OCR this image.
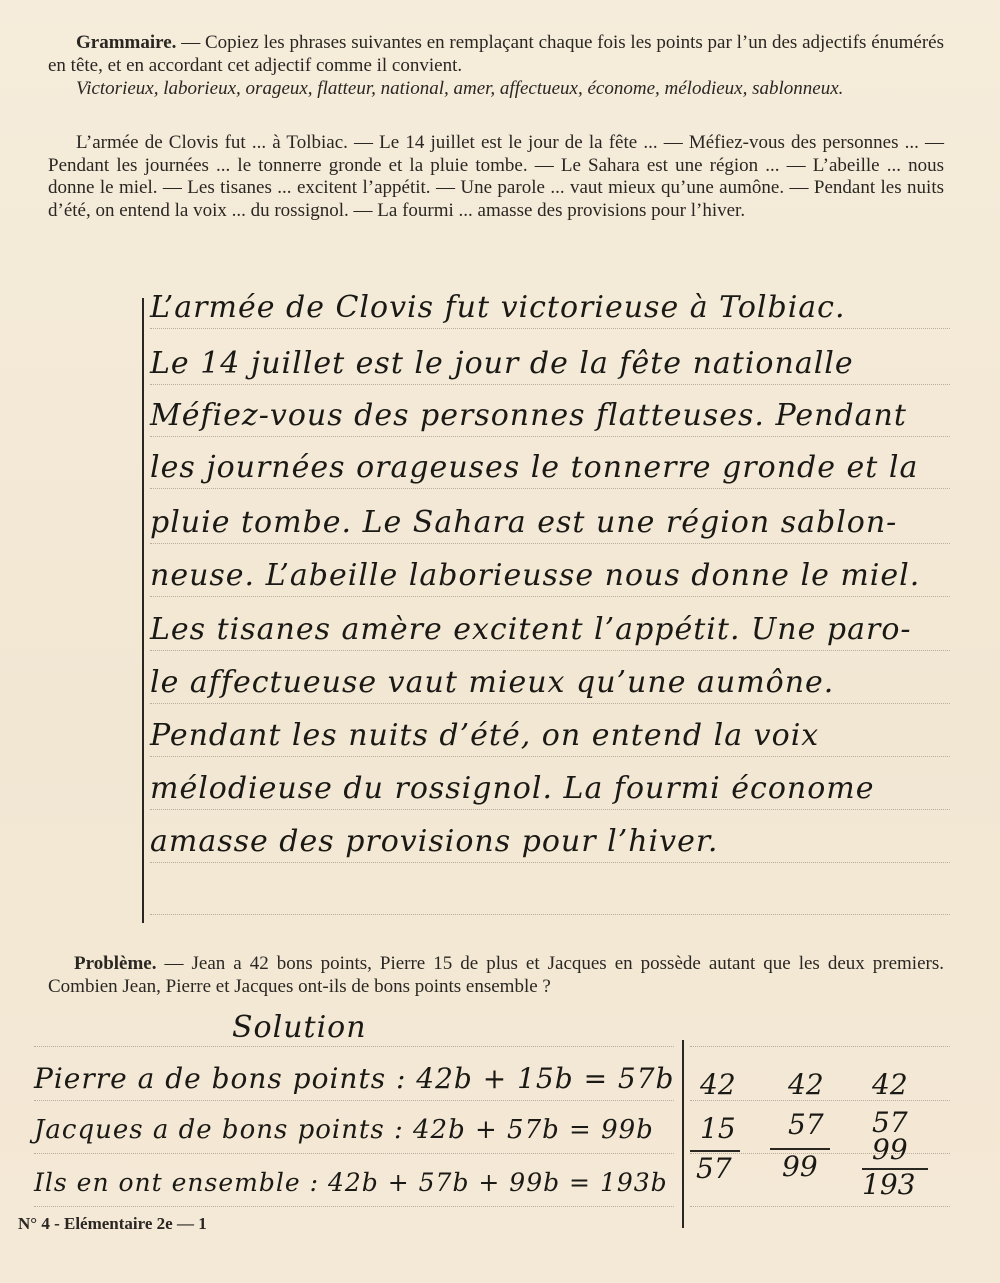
Grammaire. — Copiez les phrases suivantes en remplaçant chaque fois les points par l’un des adjectifs énumérés en tête, et en accordant cet adjectif comme il convient.
Victorieux, laborieux, orageux, flatteur, national, amer, affectueux, économe, mélodieux, sablonneux.
L’armée de Clovis fut ... à Tolbiac. — Le 14 juillet est le jour de la fête ... — Méfiez-vous des personnes ... — Pendant les journées ... le tonnerre gronde et la pluie tombe. — Le Sahara est une région ... — L’abeille ... nous donne le miel. — Les tisanes ... excitent l’appétit. — Une parole ... vaut mieux qu’une aumône. — Pendant les nuits d’été, on entend la voix ... du rossignol. — La fourmi ... amasse des provisions pour l’hiver.
L’armée de Clovis fut victorieuse à Tolbiac.
Le 14 juillet est le jour de la fête nationalle
Méfiez-vous des personnes flatteuses. Pendant
les journées orageuses le tonnerre gronde et la
pluie tombe. Le Sahara est une région sablon-
neuse. L’abeille laborieusse nous donne le miel.
Les tisanes amère excitent l’appétit. Une paro-
le affectueuse vaut mieux qu’une aumône.
Pendant les nuits d’été, on entend la voix
mélodieuse du rossignol. La fourmi économe
amasse des provisions pour l’hiver.
Problème. — Jean a 42 bons points, Pierre 15 de plus et Jacques en possède autant que les deux premiers. Combien Jean, Pierre et Jacques ont-ils de bons points ensemble ?
Solution
Pierre a de bons points : 42b + 15b = 57b
Jacques a de bons points : 42b + 57b = 99b
Ils en ont ensemble : 42b + 57b + 99b = 193b
42
15
57
42
57
99
42
57
99
193
N° 4 - Elémentaire 2e — 1
